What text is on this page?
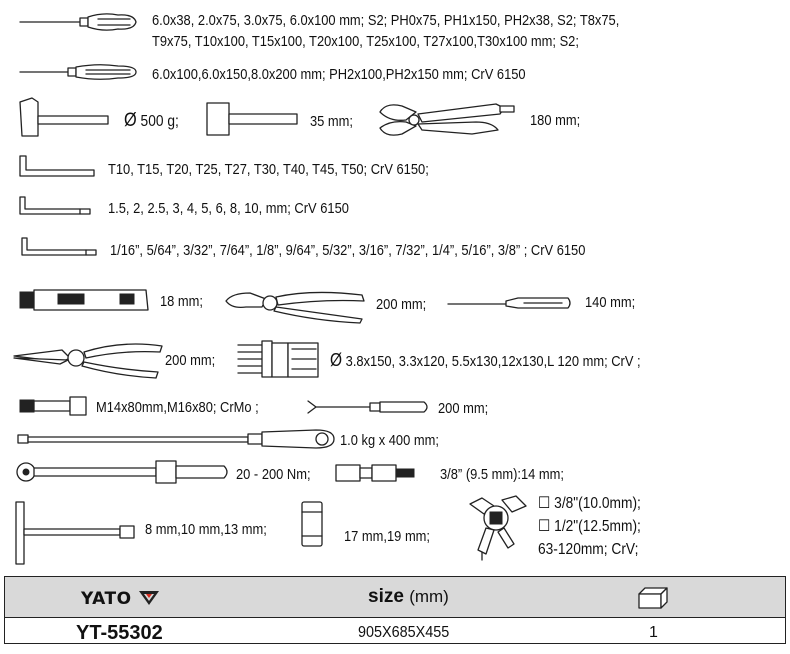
6.0x38, 2.0x75, 3.0x75, 6.0x100 mm; S2; PH0x75, PH1x150, PH2x38, S2; T8x75,
T9x75, T10x100, T15x100, T20x100, T25x100, T27x100,T30x100 mm; S2;
6.0x100,6.0x150,8.0x200 mm; PH2x100,PH2x150 mm; CrV 6150
Ø 500 g;	35 mm;	180 mm;
T10, T15, T20, T25, T27, T30, T40, T45, T50; CrV 6150;
1.5, 2, 2.5, 3, 4, 5, 6, 8, 10, mm; CrV 6150
1/16”, 5/64”, 3/32”, 7/64”, 1/8”, 9/64”, 5/32”, 3/16”, 7/32”, 1/4”, 5/16”, 3/8” ; CrV 6150
18 mm;	200 mm;	140 mm;
200 mm;	Ø 3.8x150, 3.3x120, 5.5x130,12x130,L 120 mm; CrV ;
M14x80mm,M16x80; CrMo ;	200 mm;
1.0 kg x 400 mm;
20 - 200 Nm;	3/8” (9.5 mm):14 mm;
8 mm,10 mm,13 mm;	17 mm,19 mm;
☐ 3/8"(10.0mm);
☐ 1/2"(12.5mm);
63-120mm; CrV;
YATO	size (mm)
YT-55302	905X685X455	1
